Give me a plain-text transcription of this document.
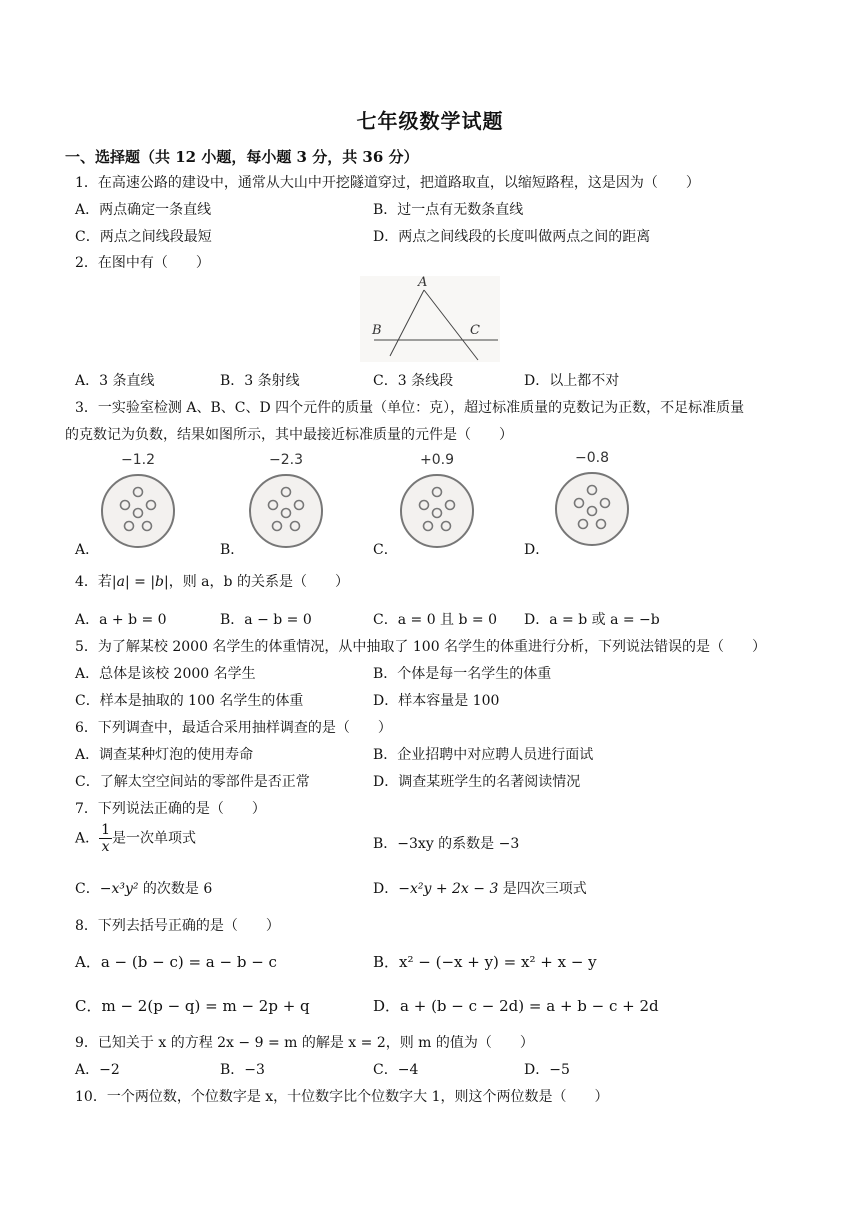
七年级数学试题
一、选择题（共 12 小题，每小题 3 分，共 36 分）
1．在高速公路的建设中，通常从大山中开挖隧道穿过，把道路取直，以缩短路程，这是因为（　　）
A．两点确定一条直线	B．过一点有无数条直线
C．两点之间线段最短	D．两点之间线段的长度叫做两点之间的距离
2．在图中有（　　）
A
B	C
A．3 条直线	B．3 条射线	C．3 条线段	D．以上都不对
3．一实验室检测 A、B、C、D 四个元件的质量（单位：克），超过标准质量的克数记为正数，不足标准质量
的克数记为负数，结果如图所示，其中最接近标准质量的元件是（　　）
−1.2	−2.3	+0.9	−0.8
A．	B．	C．	D．
4．若|a| = |b|，则 a，b 的关系是（　　）
A．a + b = 0	B．a − b = 0	C．a = 0 且 b = 0 D．a = b 或 a = −b
5．为了解某校 2000 名学生的体重情况，从中抽取了 100 名学生的体重进行分析，下列说法错误的是（　　）
A．总体是该校 2000 名学生	B．个体是每一名学生的体重
C．样本是抽取的 100 名学生的体重	D．样本容量是 100
6．下列调查中，最适合采用抽样调查的是（　　）
A．调查某种灯泡的使用寿命	B．企业招聘中对应聘人员进行面试
C．了解太空空间站的零部件是否正常	D．调查某班学生的名著阅读情况
7．下列说法正确的是（　　）
A． $\frac{1}{x}$ 是一次单项式	B．−3xy 的系数是 −3
C．−x³y² 的次数是 6	D．−x²y + 2x − 3 是四次三项式
8．下列去括号正确的是（　　）
A．a − (b − c) = a − b − c	B．x² − (−x + y) = x² + x − y
C．m − 2(p − q) = m − 2p + q	D．a + (b − c − 2d) = a + b − c + 2d
9．已知关于 x 的方程 2x − 9 = m 的解是 x = 2，则 m 的值为（　　）
A．−2	B．−3	C．−4	D．−5
10．一个两位数，个位数字是 x，十位数字比个位数字大 1，则这个两位数是（　　）
